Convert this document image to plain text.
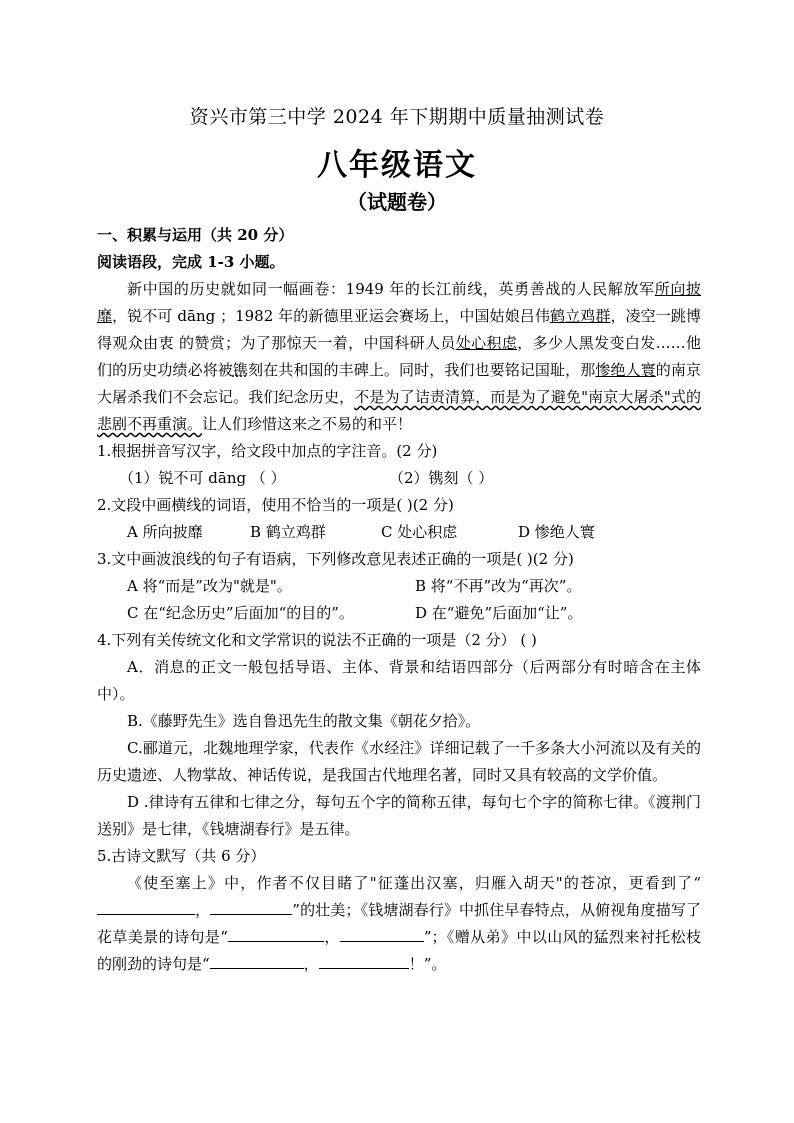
资兴市第三中学 2024 年下期期中质量抽测试卷
八年级语文
（试题卷）

一、积累与运用（共 20 分）

阅读语段，完成 1-3 小题。

新中国的历史就如同一幅画卷：1949 年的长江前线，英勇善战的人民解放军所向披靡，锐不可 dāng ；1982 年的新德里亚运会赛场上，中国姑娘吕伟鹤立鸡群，凌空一跳博得观众由衷 的赞赏；为了那惊天一着，中国科研人员处心积虑，多少人黑发变白发……他们的历史功绩必将被镌刻在共和国的丰碑上。同时，我们也要铭记国耻，那惨绝人寰的南京大屠杀我们不会忘记。我们纪念历史，不是为了诘责清算，而是为了避免"南京大屠杀"式的悲剧不再重演。让人们珍惜这来之不易的和平！

1.根据拼音写汉字，给文段中加点的字注音。(2 分)

（1）锐不可 dāng （ ）	（2）镌刻（ ）

2.文段中画横线的词语，使用不恰当的一项是( )(2 分)

A 所向披靡	B 鹤立鸡群	C 处心积虑	D 惨绝人寰

3.文中画波浪线的句子有语病，下列修改意见表述正确的一项是( )(2 分)

A 将“而是”改为"就是"。	B 将“不再”改为“再次”。
C 在“纪念历史”后面加“的目的”。	D 在“避免”后面加“让”。

4.下列有关传统文化和文学常识的说法不正确的一项是（2 分） ( )

A．消息的正文一般包括导语、主体、背景和结语四部分（后两部分有时暗含在主体中）。

B.《藤野先生》选自鲁迅先生的散文集《朝花夕拾》。

C.郦道元，北魏地理学家，代表作《水经注》详细记载了一千多条大小河流以及有关的历史遗迹、人物掌故、神话传说，是我国古代地理名著，同时又具有较高的文学价值。

D .律诗有五律和七律之分，每句五个字的简称五律，每句七个字的简称七律。《渡荆门送别》是七律，《钱塘湖春行》是五律。

5.古诗文默写（共 6 分）

《使至塞上》中，作者不仅目睹了"征蓬出汉塞，归雁入胡天"的苍凉，更看到了“，	”的壮美；《钱塘湖春行》中抓住早春特点，从俯视角度描写了花草美景的诗句是“	，	”；《赠从弟》中以山风的猛烈来衬托松枝的刚劲的诗句是“	，	！”。
